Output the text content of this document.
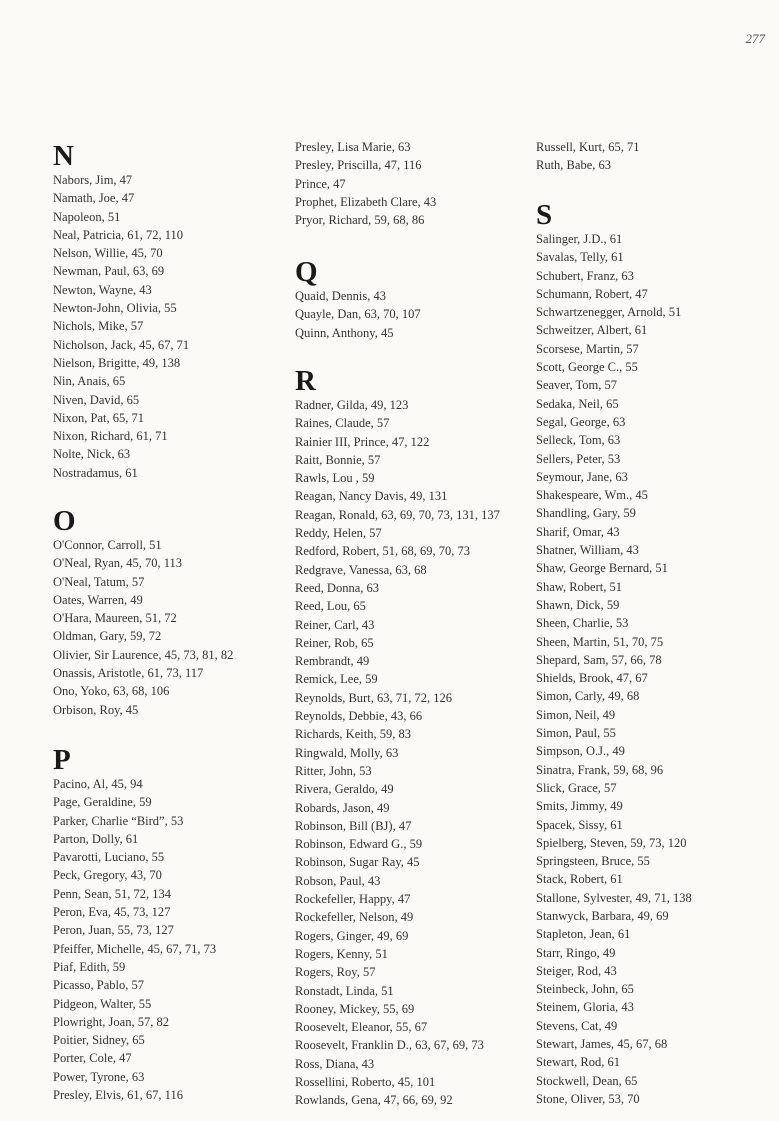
277
N
Nabors, Jim, 47
Namath, Joe, 47
Napoleon, 51
Neal, Patricia, 61, 72, 110
Nelson, Willie, 45, 70
Newman, Paul, 63, 69
Newton, Wayne, 43
Newton-John, Olivia, 55
Nichols, Mike, 57
Nicholson, Jack, 45, 67, 71
Nielson, Brigitte, 49, 138
Nin, Anais, 65
Niven, David, 65
Nixon, Pat, 65, 71
Nixon, Richard, 61, 71
Nolte, Nick, 63
Nostradamus, 61
O
O'Connor, Carroll, 51
O'Neal, Ryan, 45, 70, 113
O'Neal, Tatum, 57
Oates, Warren, 49
O'Hara, Maureen, 51, 72
Oldman, Gary, 59, 72
Olivier, Sir Laurence, 45, 73, 81, 82
Onassis, Aristotle, 61, 73, 117
Ono, Yoko, 63, 68, 106
Orbison, Roy, 45
P
Pacino, Al, 45, 94
Page, Geraldine, 59
Parker, Charlie “Bird”, 53
Parton, Dolly, 61
Pavarotti, Luciano, 55
Peck, Gregory, 43, 70
Penn, Sean, 51, 72, 134
Peron, Eva, 45, 73, 127
Peron, Juan, 55, 73, 127
Pfeiffer, Michelle, 45, 67, 71, 73
Piaf, Edith, 59
Picasso, Pablo, 57
Pidgeon, Walter, 55
Plowright, Joan, 57, 82
Poitier, Sidney, 65
Porter, Cole, 47
Power, Tyrone, 63
Presley, Elvis, 61, 67, 116
Presley, Lisa Marie, 63
Presley, Priscilla, 47, 116
Prince, 47
Prophet, Elizabeth Clare, 43
Pryor, Richard, 59, 68, 86
Q
Quaid, Dennis, 43
Quayle, Dan, 63, 70, 107
Quinn, Anthony, 45
R
Radner, Gilda, 49, 123
Raines, Claude, 57
Rainier III, Prince, 47, 122
Raitt, Bonnie, 57
Rawls, Lou , 59
Reagan, Nancy Davis, 49, 131
Reagan, Ronald, 63, 69, 70, 73, 131, 137
Reddy, Helen, 57
Redford, Robert, 51, 68, 69, 70, 73
Redgrave, Vanessa, 63, 68
Reed, Donna, 63
Reed, Lou, 65
Reiner, Carl, 43
Reiner, Rob, 65
Rembrandt, 49
Remick, Lee, 59
Reynolds, Burt, 63, 71, 72, 126
Reynolds, Debbie, 43, 66
Richards, Keith, 59, 83
Ringwald, Molly, 63
Ritter, John, 53
Rivera, Geraldo, 49
Robards, Jason, 49
Robinson, Bill (BJ), 47
Robinson, Edward G., 59
Robinson, Sugar Ray, 45
Robson, Paul, 43
Rockefeller, Happy, 47
Rockefeller, Nelson, 49
Rogers, Ginger, 49, 69
Rogers, Kenny, 51
Rogers, Roy, 57
Ronstadt, Linda, 51
Rooney, Mickey, 55, 69
Roosevelt, Eleanor, 55, 67
Roosevelt, Franklin D., 63, 67, 69, 73
Ross, Diana, 43
Rossellini, Roberto, 45, 101
Rowlands, Gena, 47, 66, 69, 92
Russell, Kurt, 65, 71
Ruth, Babe, 63
S
Salinger, J.D., 61
Savalas, Telly, 61
Schubert, Franz, 63
Schumann, Robert, 47
Schwartzenegger, Arnold, 51
Schweitzer, Albert, 61
Scorsese, Martin, 57
Scott, George C., 55
Seaver, Tom, 57
Sedaka, Neil, 65
Segal, George, 63
Selleck, Tom, 63
Sellers, Peter, 53
Seymour, Jane, 63
Shakespeare, Wm., 45
Shandling, Gary, 59
Sharif, Omar, 43
Shatner, William, 43
Shaw, George Bernard, 51
Shaw, Robert, 51
Shawn, Dick, 59
Sheen, Charlie, 53
Sheen, Martin, 51, 70, 75
Shepard, Sam, 57, 66, 78
Shields, Brook, 47, 67
Simon, Carly, 49, 68
Simon, Neil, 49
Simon, Paul, 55
Simpson, O.J., 49
Sinatra, Frank, 59, 68, 96
Slick, Grace, 57
Smits, Jimmy, 49
Spacek, Sissy, 61
Spielberg, Steven, 59, 73, 120
Springsteen, Bruce, 55
Stack, Robert, 61
Stallone, Sylvester, 49, 71, 138
Stanwyck, Barbara, 49, 69
Stapleton, Jean, 61
Starr, Ringo, 49
Steiger, Rod, 43
Steinbeck, John, 65
Steinem, Gloria, 43
Stevens, Cat, 49
Stewart, James, 45, 67, 68
Stewart, Rod, 61
Stockwell, Dean, 65
Stone, Oliver, 53, 70
